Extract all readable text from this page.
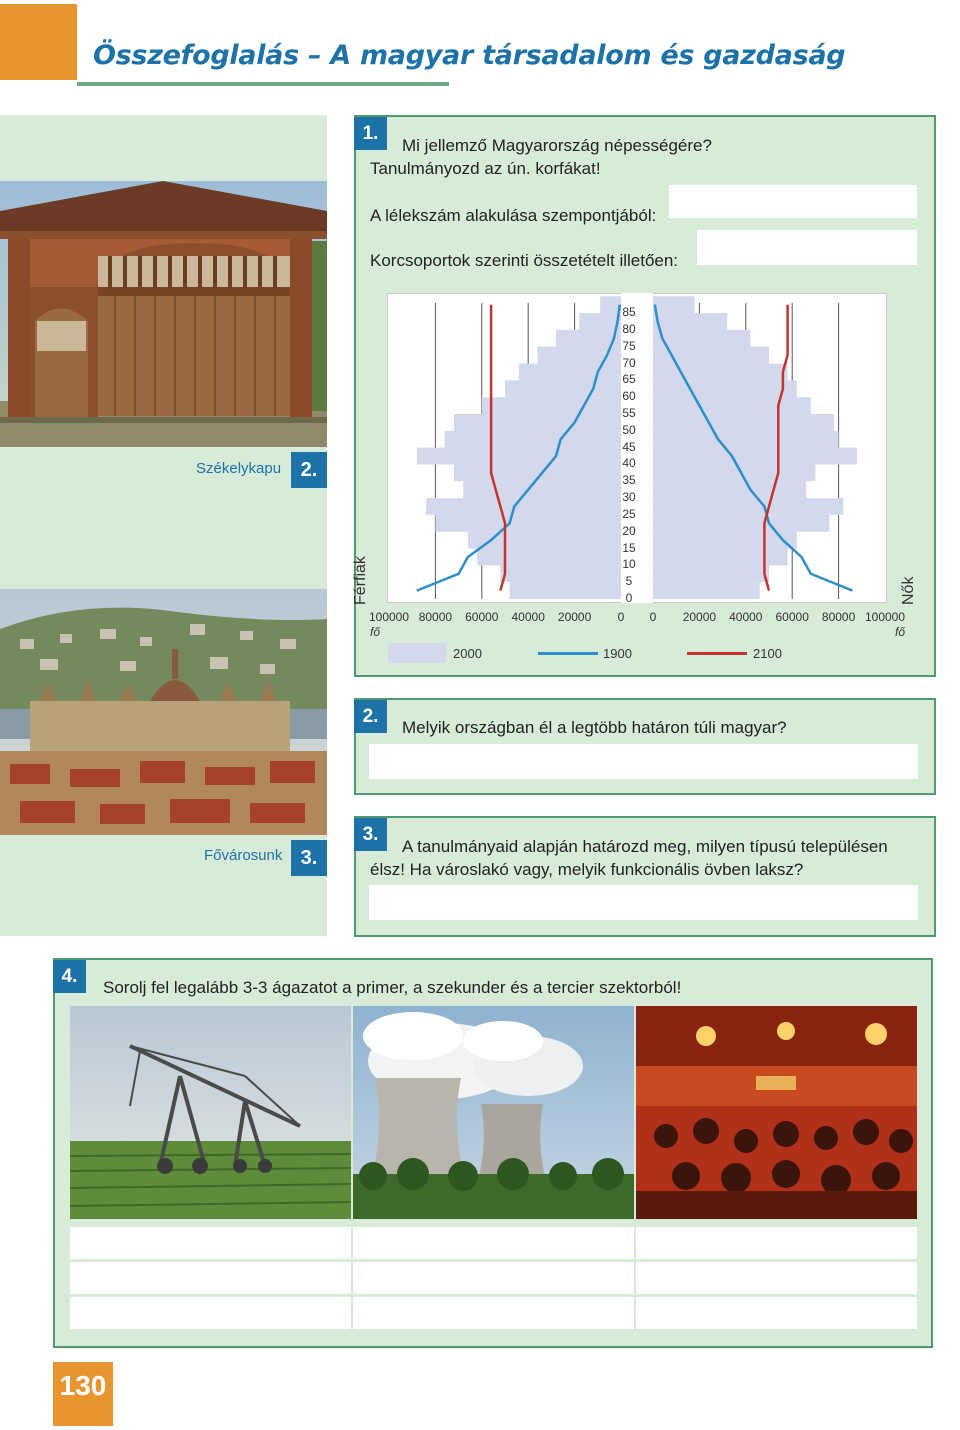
Összefoglalás – A magyar társadalom és gazdaság
Székelykapu 2.
Fővárosunk 3.
1.
Mi jellemző Magyarország népességére?
Tanulmányozd az ún. korfákat!
A lélekszám alakulása szempontjából:
Korcsoportok szerinti összetételt illetően:
Férfiak	Nők
85
80
75
70
65
60
55
50
45
40
35
30
25
20
15
10
5
0
100000 80000 60000 40000 20000 0 0 20000 40000 60000 80000 100000
fő	fő
2000	1900	2100
2.
Melyik országban él a legtöbb határon túli magyar?
3.
A tanulmányaid alapján határozd meg, milyen típusú településen
élsz! Ha városlakó vagy, melyik funkcionális övben laksz?
4.
Sorolj fel legalább 3-3 ágazatot a primer, a szekunder és a tercier szektorból!
130
